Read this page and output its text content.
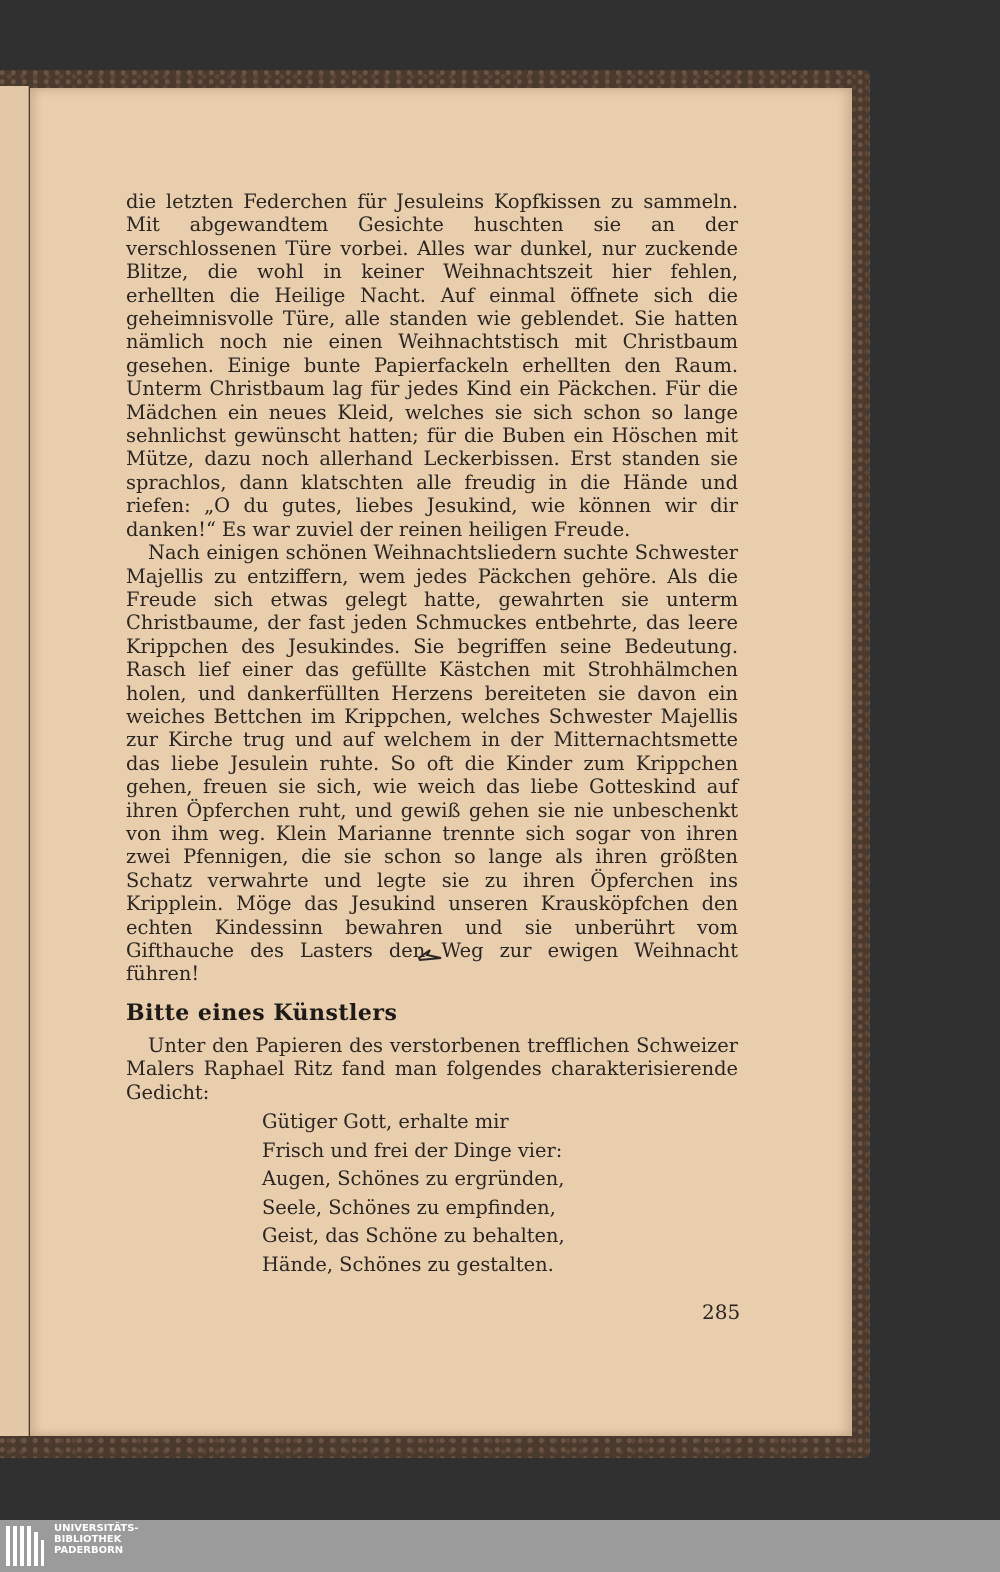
die letzten Federchen für Jesuleins Kopfkissen zu sammeln. Mit abgewandtem Gesichte huschten sie an der verschlossenen Türe vorbei. Alles war dunkel, nur zuckende Blitze, die wohl in keiner Weihnachtszeit hier fehlen, erhellten die Heilige Nacht. Auf einmal öffnete sich die geheimnisvolle Türe, alle standen wie geblendet. Sie hatten nämlich noch nie einen Weihnachtstisch mit Christbaum gesehen. Einige bunte Papierfackeln erhellten den Raum. Unterm Christbaum lag für jedes Kind ein Päckchen. Für die Mädchen ein neues Kleid, welches sie sich schon so lange sehnlichst gewünscht hatten; für die Buben ein Höschen mit Mütze, dazu noch allerhand Leckerbissen. Erst standen sie sprachlos, dann klatschten alle freudig in die Hände und riefen: „O du gutes, liebes Jesukind, wie können wir dir danken!“ Es war zuviel der reinen heiligen Freude.

Nach einigen schönen Weihnachtsliedern suchte Schwester Majellis zu entziffern, wem jedes Päckchen gehöre. Als die Freude sich etwas gelegt hatte, gewahrten sie unterm Christbaume, der fast jeden Schmuckes entbehrte, das leere Krippchen des Jesukindes. Sie begriffen seine Bedeutung. Rasch lief einer das gefüllte Kästchen mit Strohhälmchen holen, und dankerfüllten Herzens bereiteten sie davon ein weiches Bettchen im Krippchen, welches Schwester Majellis zur Kirche trug und auf welchem in der Mitternachtsmette das liebe Jesulein ruhte. So oft die Kinder zum Krippchen gehen, freuen sie sich, wie weich das liebe Gotteskind auf ihren Öpferchen ruht, und gewiß gehen sie nie unbeschenkt von ihm weg. Klein Marianne trennte sich sogar von ihren zwei Pfennigen, die sie schon so lange als ihren größten Schatz verwahrte und legte sie zu ihren Öpferchen ins Kripplein. Möge das Jesukind unseren Krausköpfchen den echten Kindessinn bewahren und sie unberührt vom Gifthauche des Lasters den Weg zur ewigen Weihnacht führen!

Bitte eines Künstlers

Unter den Papieren des verstorbenen trefflichen Schweizer Malers Raphael Ritz fand man folgendes charakterisierende Gedicht:

Gütiger Gott, erhalte mir
Frisch und frei der Dinge vier:
Augen, Schönes zu ergründen,
Seele, Schönes zu empfinden,
Geist, das Schöne zu behalten,
Hände, Schönes zu gestalten.
285
UNIVERSITÄTS-
BIBLIOTHEK
PADERBORN
